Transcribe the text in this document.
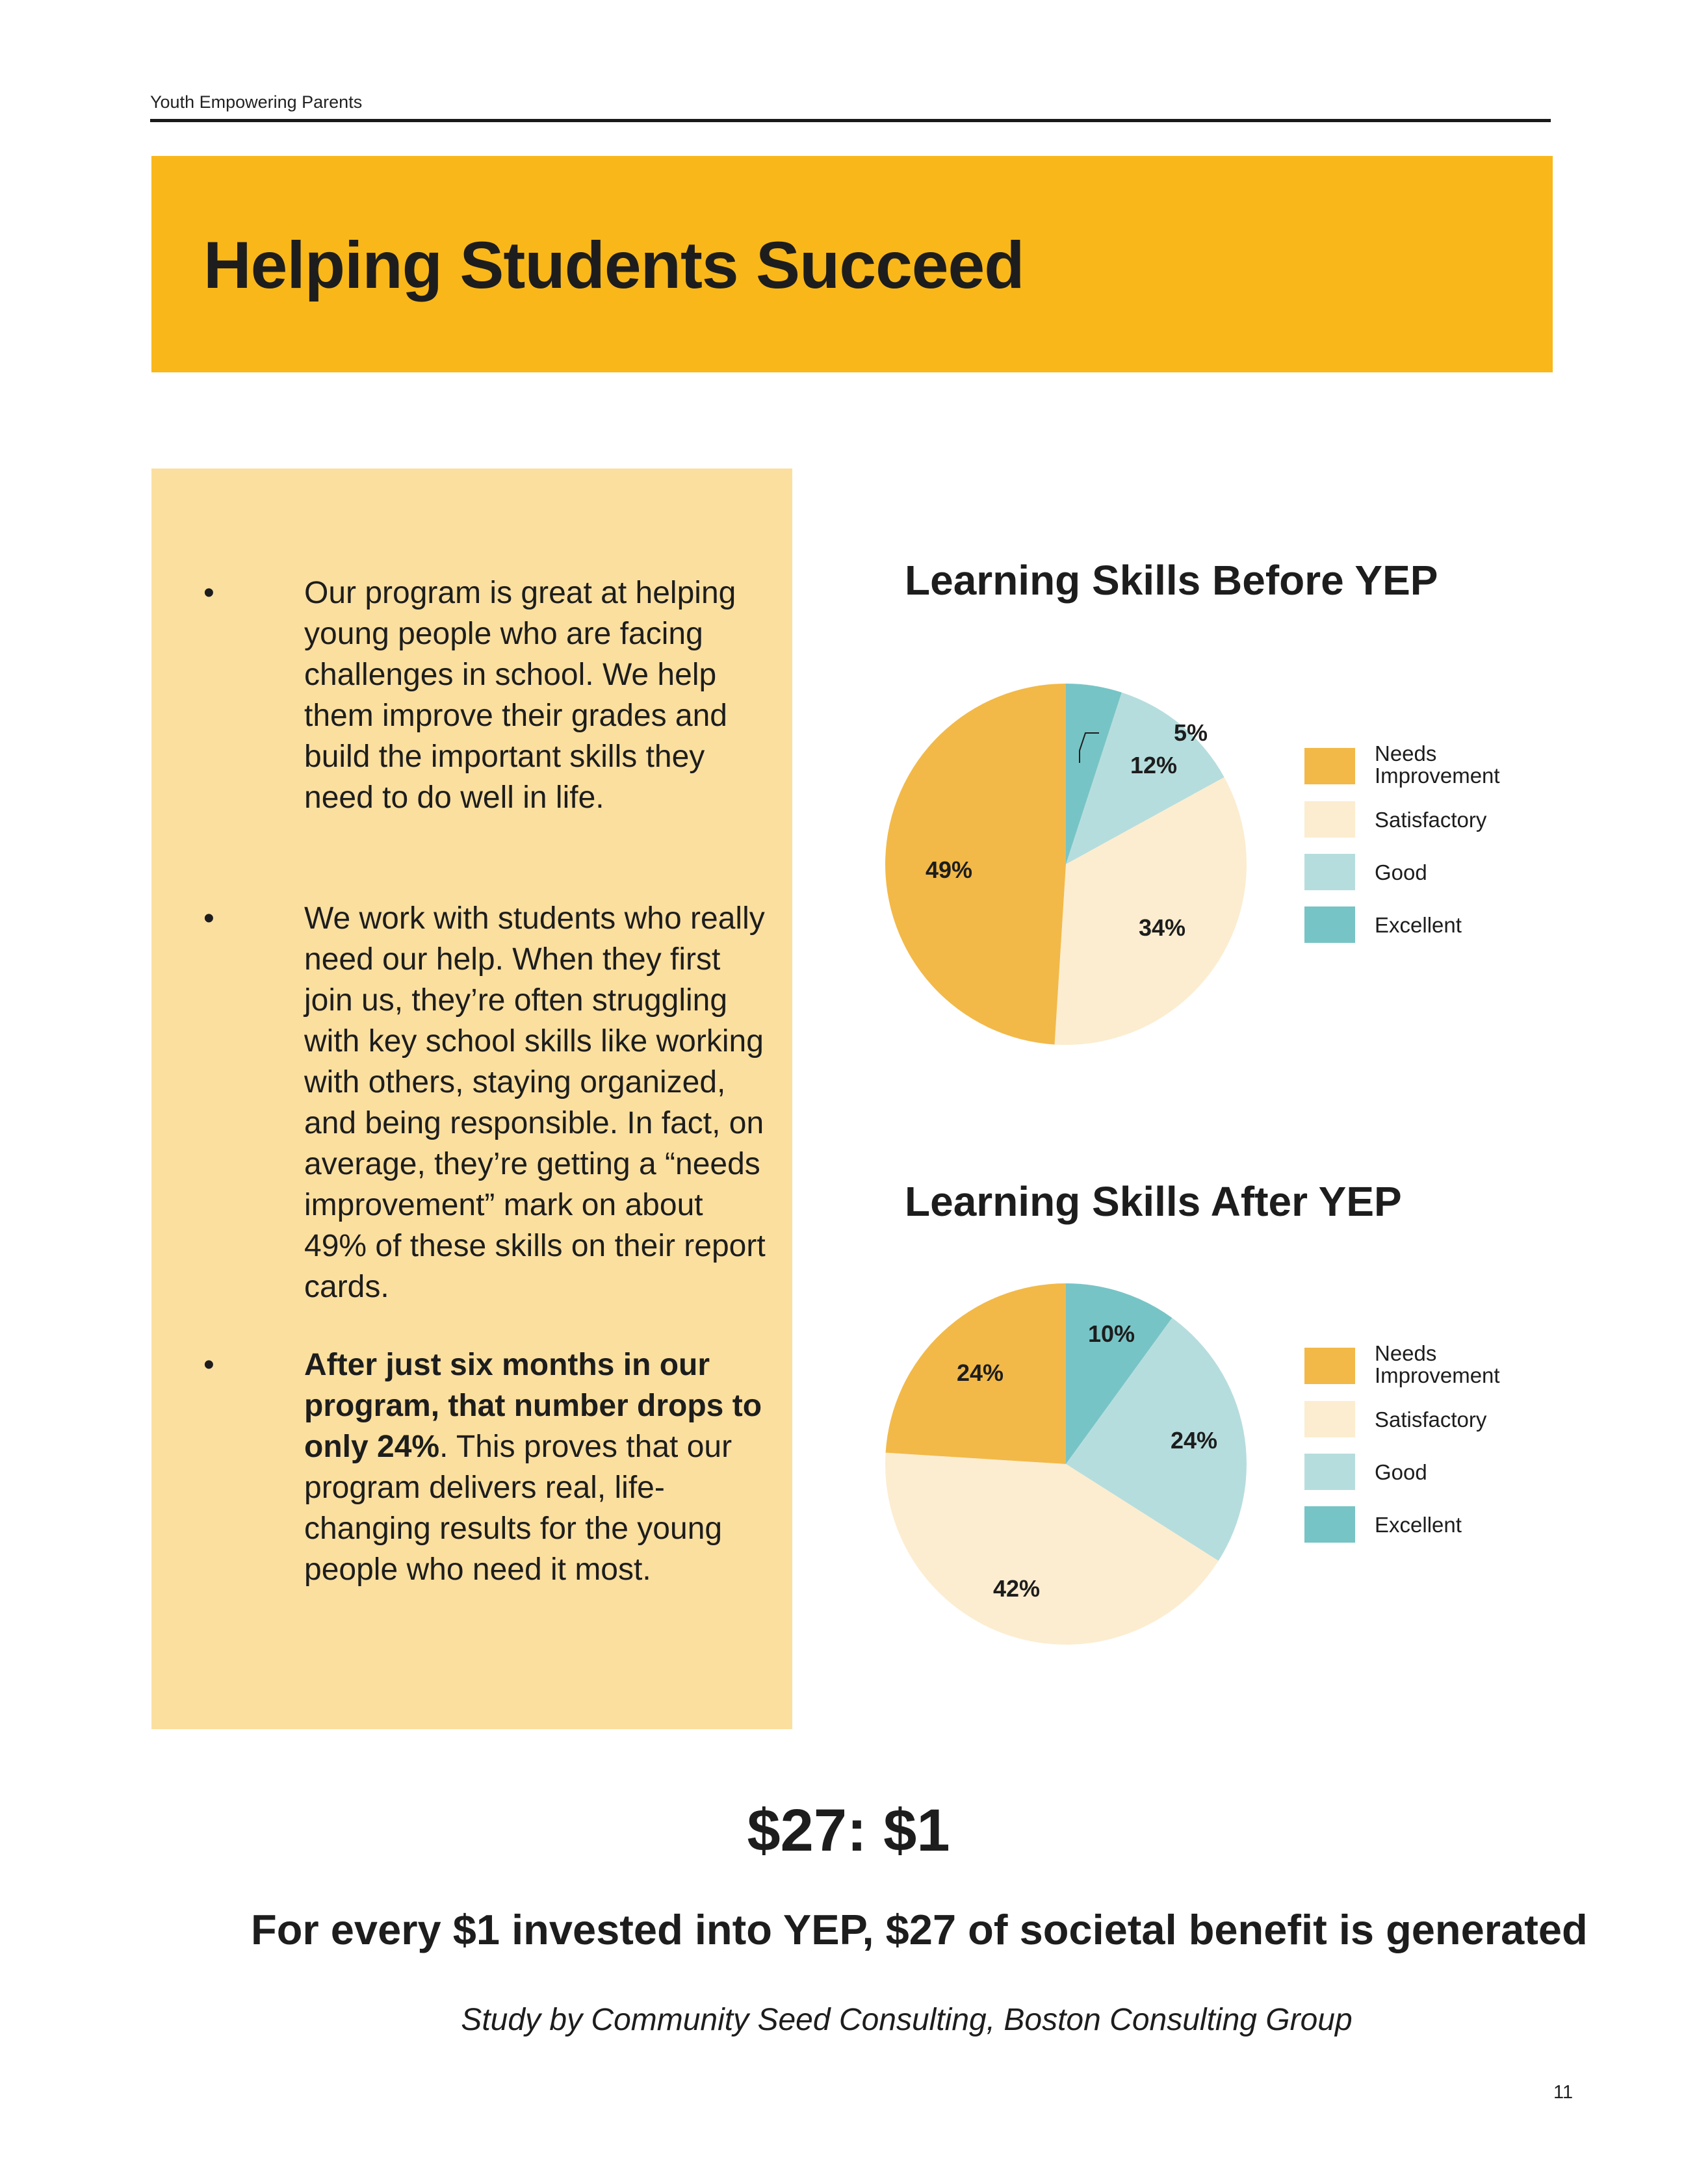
Youth Empowering Parents
Helping Students Succeed
•	Our program is great at helping young people who are facing challenges in school. We help them improve their grades and build the important skills they need to do well in life.
•	We work with students who really need our help. When they first join us, they’re often struggling with key school skills like working with others, staying organized, and being responsible. In fact, on average, they’re getting a “needs improvement” mark on about 49% of these skills on their report cards.
•	After just six months in our program, that number drops to only 24%. This proves that our program delivers real, life-changing results for the young people who need it most.
Learning Skills Before YEP
5%
12%
34%
49%
Needs Improvement
Satisfactory
Good
Excellent
Learning Skills After YEP
10%
24%
42%
24%
Needs Improvement
Satisfactory
Good
Excellent
$27: $1
For every $1 invested into YEP, $27 of societal benefit is generated
Study by Community Seed Consulting, Boston Consulting Group
11
